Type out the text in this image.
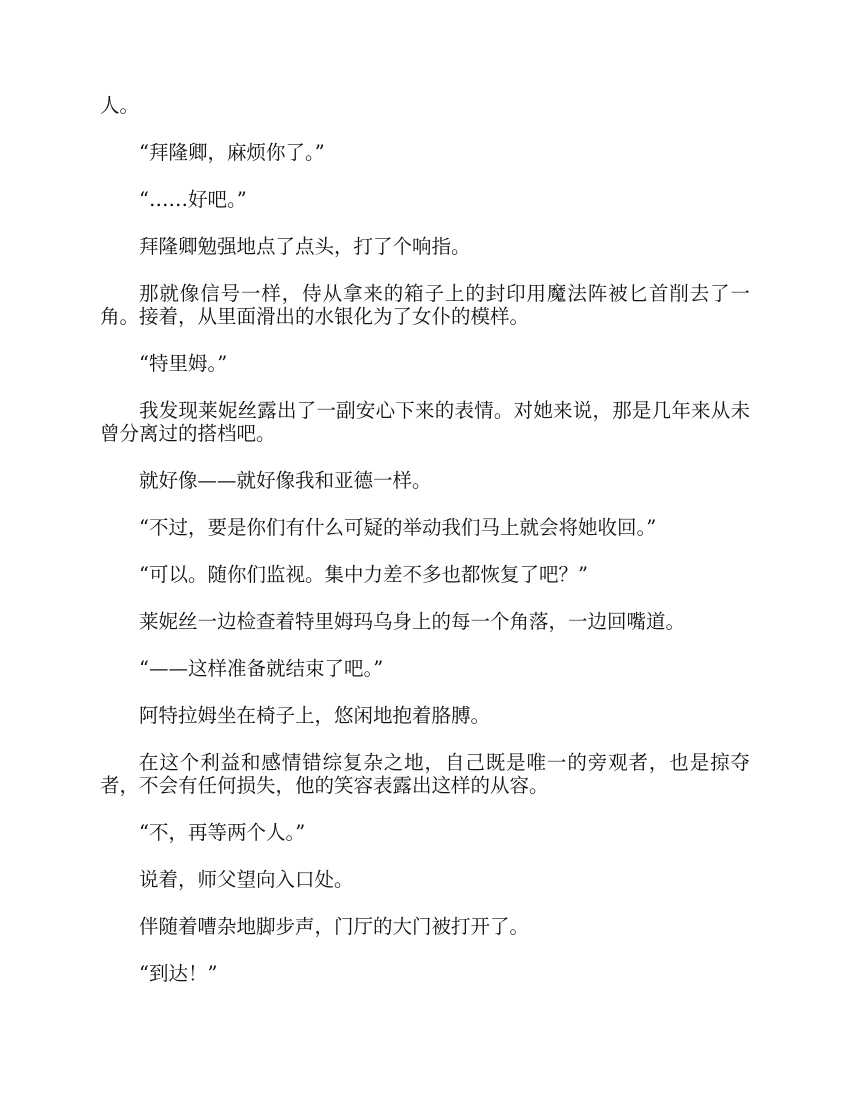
人。

“拜隆卿，麻烦你了。”

“……好吧。”

拜隆卿勉强地点了点头，打了个响指。

那就像信号一样，侍从拿来的箱子上的封印用魔法阵被匕首削去了一角。接着，从里面滑出的水银化为了女仆的模样。

“特里姆。”

我发现莱妮丝露出了一副安心下来的表情。对她来说，那是几年来从未曾分离过的搭档吧。

就好像——就好像我和亚德一样。

“不过，要是你们有什么可疑的举动我们马上就会将她收回。”

“可以。随你们监视。集中力差不多也都恢复了吧？”

莱妮丝一边检查着特里姆玛乌身上的每一个角落，一边回嘴道。

“——这样准备就结束了吧。”

阿特拉姆坐在椅子上，悠闲地抱着胳膊。

在这个利益和感情错综复杂之地，自己既是唯一的旁观者，也是掠夺者，不会有任何损失，他的笑容表露出这样的从容。

“不，再等两个人。”

说着，师父望向入口处。

伴随着嘈杂地脚步声，门厅的大门被打开了。

“到达！”
